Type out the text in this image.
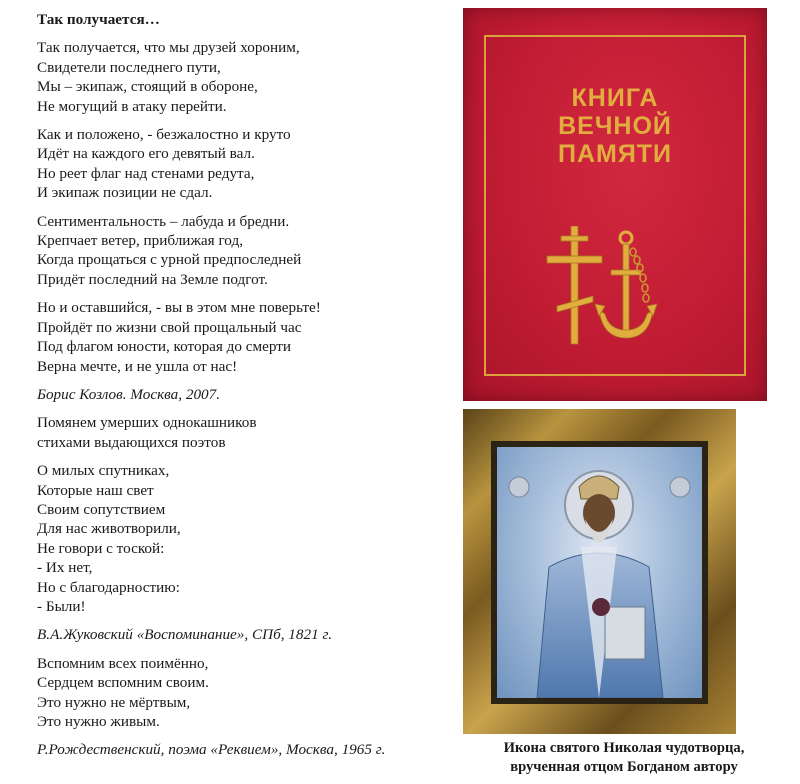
Так получается…
Так получается, что мы друзей хороним,
Свидетели последнего пути,
Мы – экипаж, стоящий в обороне,
Не могущий в атаку перейти.
Как и положено, - безжалостно и круто
Идёт на каждого его девятый вал.
Но реет флаг над стенами редута,
И экипаж позиции не сдал.
Сентиментальность – лабуда и бредни.
Крепчает ветер, приближая год,
Когда прощаться с урной предпоследней
Придёт последний на Земле подгот.
Но и оставшийся, - вы в этом мне поверьте!
Пройдёт по жизни свой прощальный час
Под флагом юности, которая до смерти
Верна мечте, и не ушла от нас!
Борис Козлов. Москва, 2007.
Помянем умерших однокашников
стихами выдающихся поэтов
О милых спутниках,
Которые наш свет
Своим сопутствием
Для нас животворили,
Не говори с тоской:
- Их нет,
Но с благодарностию:
- Были!
В.А.Жуковский «Воспоминание», СПб, 1821 г.
Вспомним всех поимённо,
Сердцем вспомним своим.
Это нужно не мёртвым,
Это нужно живым.
Р.Рождественский, поэма «Реквием», Москва, 1965 г.
КНИГА
ВЕЧНОЙ
ПАМЯТИ
Икона святого Николая чудотворца,
врученная отцом Богданом автору
